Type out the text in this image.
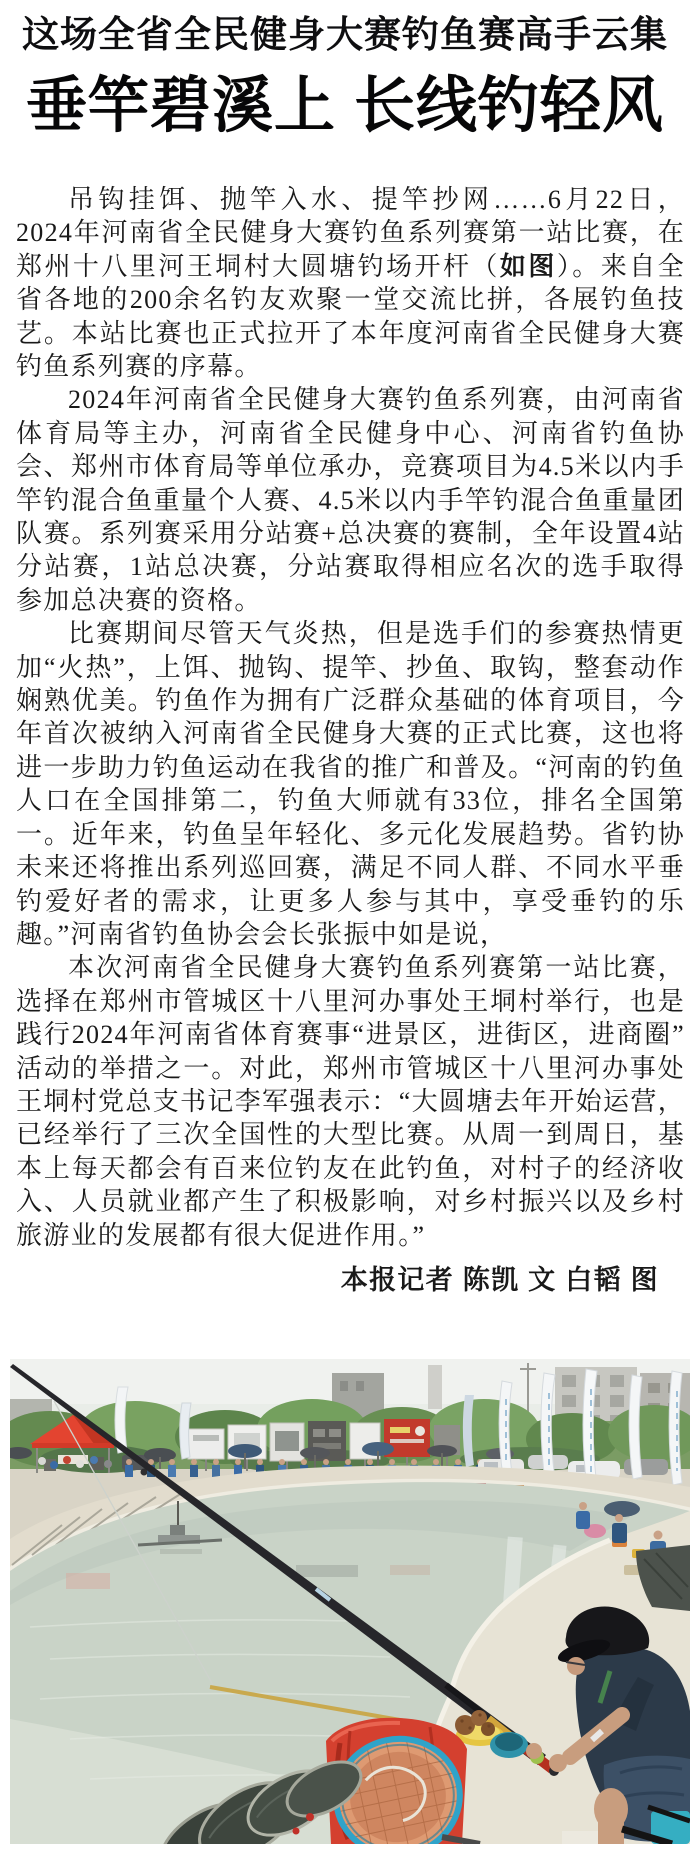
这场全省全民健身大赛钓鱼赛高手云集
垂竿碧溪上 长线钓轻风

吊钩挂饵、抛竿入水、提竿抄网……6月22日，2024年河南省全民健身大赛钓鱼系列赛第一站比赛，在郑州十八里河王垌村大圆塘钓场开杆（如图）。来自全省各地的200余名钓友欢聚一堂交流比拼，各展钓鱼技艺。本站比赛也正式拉开了本年度河南省全民健身大赛钓鱼系列赛的序幕。

2024年河南省全民健身大赛钓鱼系列赛，由河南省体育局等主办，河南省全民健身中心、河南省钓鱼协会、郑州市体育局等单位承办，竞赛项目为4.5米以内手竿钓混合鱼重量个人赛、4.5米以内手竿钓混合鱼重量团队赛。系列赛采用分站赛+总决赛的赛制，全年设置4站分站赛，1站总决赛，分站赛取得相应名次的选手取得参加总决赛的资格。

比赛期间尽管天气炎热，但是选手们的参赛热情更加“火热”，上饵、抛钩、提竿、抄鱼、取钩，整套动作娴熟优美。钓鱼作为拥有广泛群众基础的体育项目，今年首次被纳入河南省全民健身大赛的正式比赛，这也将进一步助力钓鱼运动在我省的推广和普及。“河南的钓鱼人口在全国排第二，钓鱼大师就有33位，排名全国第一。近年来，钓鱼呈年轻化、多元化发展趋势。省钓协未来还将推出系列巡回赛，满足不同人群、不同水平垂钓爱好者的需求，让更多人参与其中，享受垂钓的乐趣。”河南省钓鱼协会会长张振中如是说，

本次河南省全民健身大赛钓鱼系列赛第一站比赛，选择在郑州市管城区十八里河办事处王垌村举行，也是践行2024年河南省体育赛事“进景区，进街区，进商圈”活动的举措之一。对此，郑州市管城区十八里河办事处王垌村党总支书记李军强表示：“大圆塘去年开始运营，已经举行了三次全国性的大型比赛。从周一到周日，基本上每天都会有百来位钓友在此钓鱼，对村子的经济收入、人员就业都产生了积极影响，对乡村振兴以及乡村旅游业的发展都有很大促进作用。”

本报记者 陈凯 文 白韬 图
